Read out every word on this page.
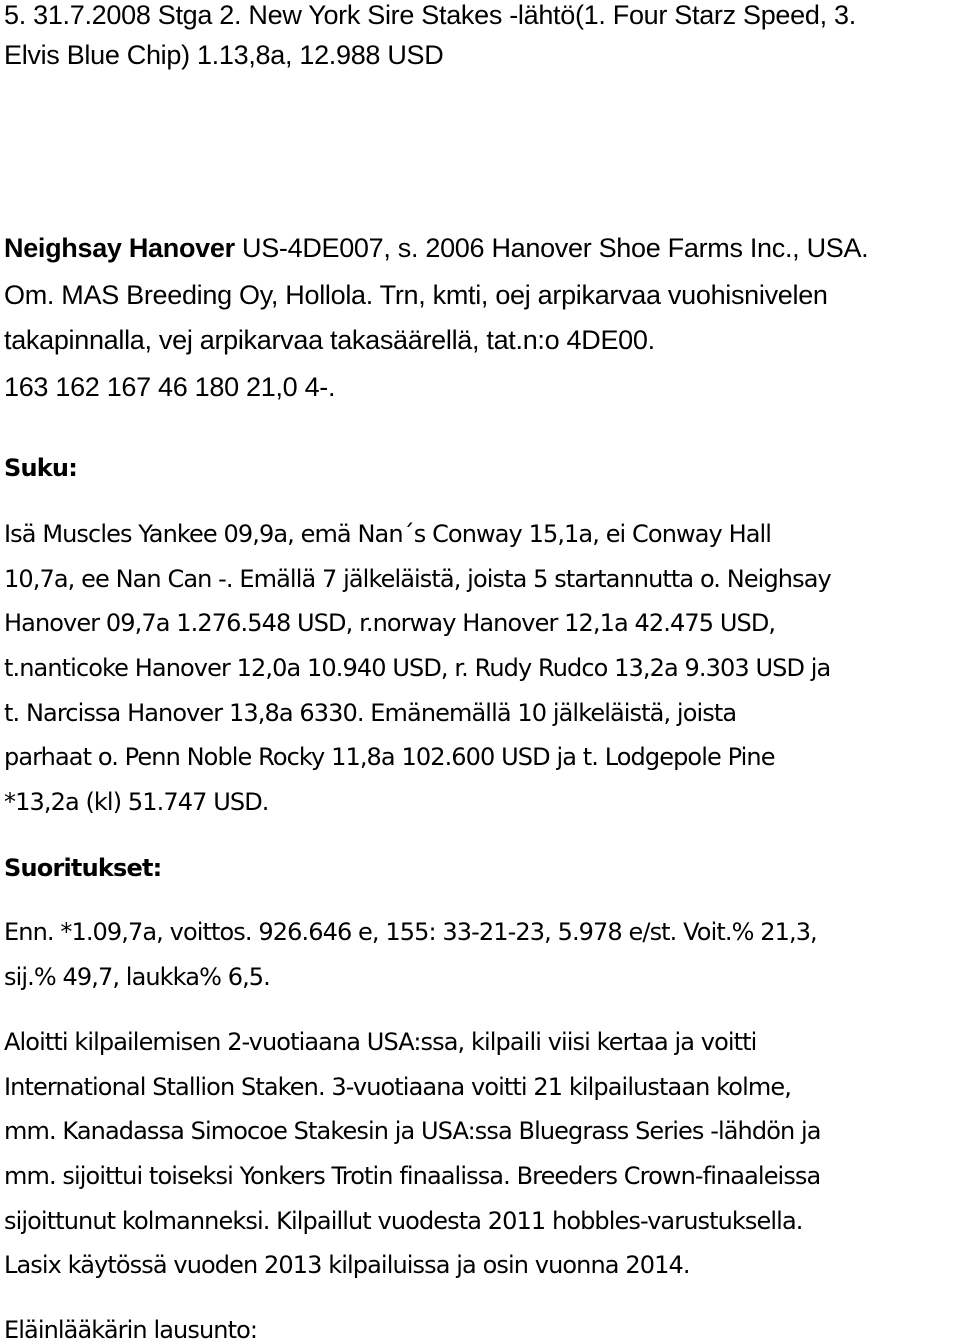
5. 31.7.2008 Stga 2. New York Sire Stakes -lähtö(1. Four Starz Speed, 3.
Elvis Blue Chip) 1.13,8a, 12.988 USD
Neighsay Hanover US-4DE007, s. 2006 Hanover Shoe Farms Inc., USA.
Om. MAS Breeding Oy, Hollola. Trn, kmti, oej arpikarvaa vuohisnivelen
takapinnalla, vej arpikarvaa takasäärellä, tat.n:o 4DE00.
163 162 167 46 180 21,0 4-.
Suku:
Isä Muscles Yankee 09,9a, emä Nan´s Conway 15,1a, ei Conway Hall
10,7a, ee Nan Can -. Emällä 7 jälkeläistä, joista 5 startannutta o. Neighsay
Hanover 09,7a 1.276.548 USD, r.norway Hanover 12,1a 42.475 USD,
t.nanticoke Hanover 12,0a 10.940 USD, r. Rudy Rudco 13,2a 9.303 USD ja
t. Narcissa Hanover 13,8a 6330. Emänemällä 10 jälkeläistä, joista
parhaat o. Penn Noble Rocky 11,8a 102.600 USD ja t. Lodgepole Pine
*13,2a (kl) 51.747 USD.
Suoritukset:
Enn. *1.09,7a, voittos. 926.646 e, 155: 33-21-23, 5.978 e/st. Voit.% 21,3,
sij.% 49,7, laukka% 6,5.
Aloitti kilpailemisen 2-vuotiaana USA:ssa, kilpaili viisi kertaa ja voitti
International Stallion Staken. 3-vuotiaana voitti 21 kilpailustaan kolme,
mm. Kanadassa Simocoe Stakesin ja USA:ssa Bluegrass Series -lähdön ja
mm. sijoittui toiseksi Yonkers Trotin finaalissa. Breeders Crown-finaaleissa
sijoittunut kolmanneksi. Kilpaillut vuodesta 2011 hobbles-varustuksella.
Lasix käytössä vuoden 2013 kilpailuissa ja osin vuonna 2014.
Eläinlääkärin lausunto:
